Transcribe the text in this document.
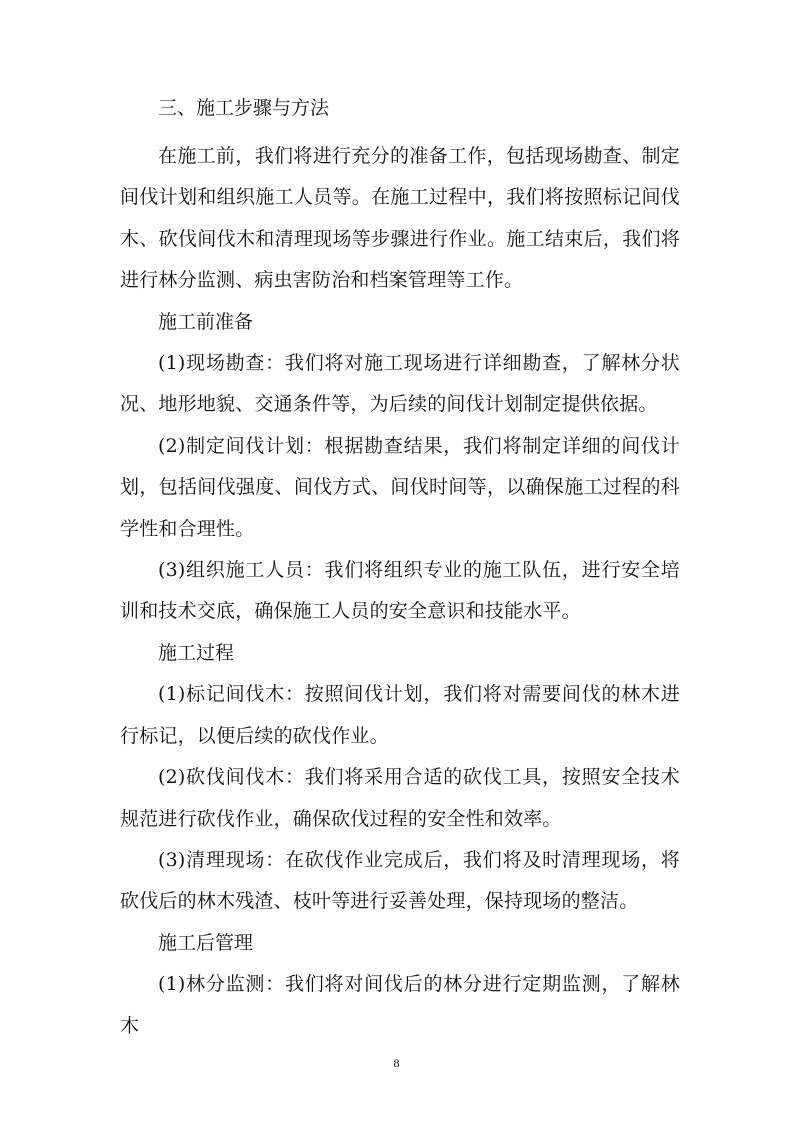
三、施工步骤与方法

在施工前，我们将进行充分的准备工作，包括现场勘查、制定间伐计划和组织施工人员等。在施工过程中，我们将按照标记间伐木、砍伐间伐木和清理现场等步骤进行作业。施工结束后，我们将进行林分监测、病虫害防治和档案管理等工作。

施工前准备

(1)现场勘查：我们将对施工现场进行详细勘查，了解林分状况、地形地貌、交通条件等，为后续的间伐计划制定提供依据。

(2)制定间伐计划：根据勘查结果，我们将制定详细的间伐计划，包括间伐强度、间伐方式、间伐时间等，以确保施工过程的科学性和合理性。

(3)组织施工人员：我们将组织专业的施工队伍，进行安全培训和技术交底，确保施工人员的安全意识和技能水平。

施工过程

(1)标记间伐木：按照间伐计划，我们将对需要间伐的林木进行标记，以便后续的砍伐作业。

(2)砍伐间伐木：我们将采用合适的砍伐工具，按照安全技术规范进行砍伐作业，确保砍伐过程的安全性和效率。

(3)清理现场：在砍伐作业完成后，我们将及时清理现场，将砍伐后的林木残渣、枝叶等进行妥善处理，保持现场的整洁。

施工后管理

(1)林分监测：我们将对间伐后的林分进行定期监测，了解林木

8
